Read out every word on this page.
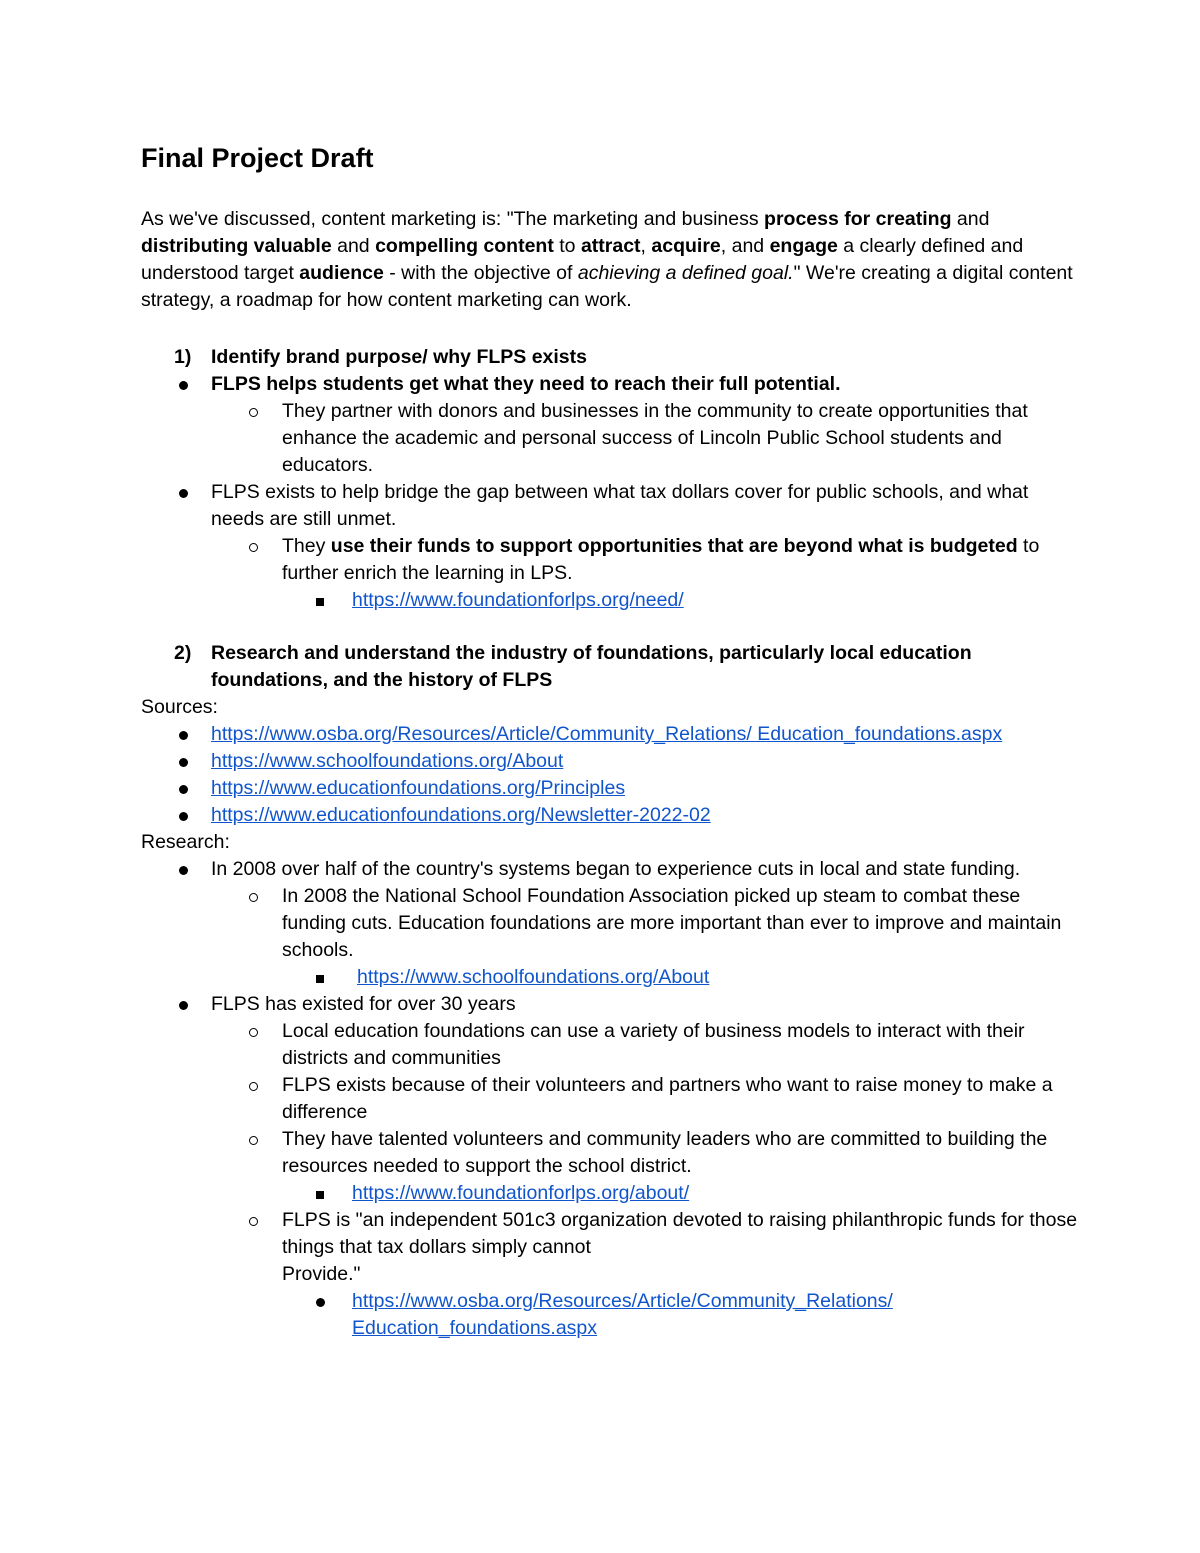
Final Project Draft

As we've discussed, content marketing is: "The marketing and business process for creating and distributing valuable and compelling content to attract, acquire, and engage a clearly defined and understood target audience - with the objective of achieving a defined goal." We're creating a digital content strategy, a roadmap for how content marketing can work.

1) Identify brand purpose/ why FLPS exists
FLPS helps students get what they need to reach their full potential.
They partner with donors and businesses in the community to create opportunities that enhance the academic and personal success of Lincoln Public School students and educators.
FLPS exists to help bridge the gap between what tax dollars cover for public schools, and what needs are still unmet.
They use their funds to support opportunities that are beyond what is budgeted to further enrich the learning in LPS.
https://www.foundationforlps.org/need/
2) Research and understand the industry of foundations, particularly local education foundations, and the history of FLPS
Sources:
https://www.osba.org/Resources/Article/Community_Relations/ Education_foundations.aspx
https://www.schoolfoundations.org/About
https://www.educationfoundations.org/Principles
https://www.educationfoundations.org/Newsletter-2022-02
Research:
In 2008 over half of the country's systems began to experience cuts in local and state funding.
In 2008 the National School Foundation Association picked up steam to combat these funding cuts. Education foundations are more important than ever to improve and maintain schools.
https://www.schoolfoundations.org/About
FLPS has existed for over 30 years
Local education foundations can use a variety of business models to interact with their districts and communities
FLPS exists because of their volunteers and partners who want to raise money to make a difference
They have talented volunteers and community leaders who are committed to building the resources needed to support the school district.
https://www.foundationforlps.org/about/
FLPS is "an independent 501c3 organization devoted to raising philanthropic funds for those things that tax dollars simply cannot
Provide."
https://www.osba.org/Resources/Article/Community_Relations/ Education_foundations.aspx
